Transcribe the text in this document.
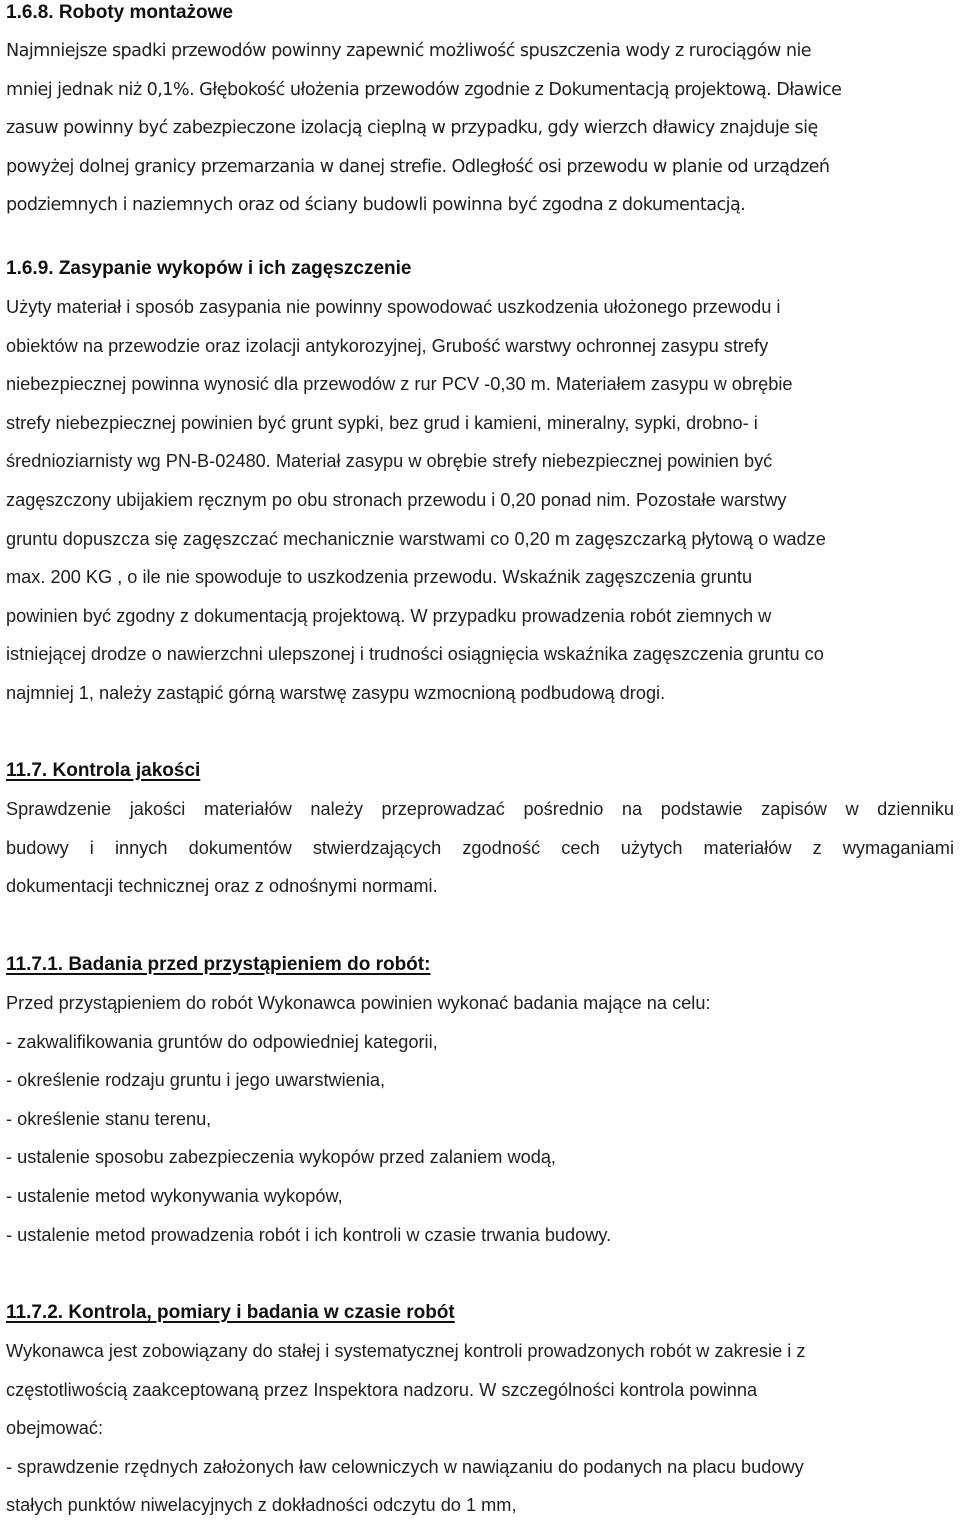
1.6.8. Roboty montażowe

Najmniejsze spadki przewodów powinny zapewnić możliwość spuszczenia wody z rurociągów nie
mniej jednak niż 0,1%. Głębokość ułożenia przewodów zgodnie z Dokumentacją projektową. Dławice
zasuw powinny być zabezpieczone izolacją cieplną w przypadku, gdy wierzch dławicy znajduje się
powyżej dolnej granicy przemarzania w danej strefie. Odległość osi przewodu w planie od urządzeń
podziemnych i naziemnych oraz od ściany budowli powinna być zgodna z dokumentacją.

1.6.9. Zasypanie wykopów i ich zagęszczenie

Użyty materiał i sposób zasypania nie powinny spowodować uszkodzenia ułożonego przewodu i
obiektów na przewodzie oraz izolacji antykorozyjnej, Grubość warstwy ochronnej zasypu strefy
niebezpiecznej powinna wynosić dla przewodów z rur PCV -0,30 m. Materiałem zasypu w obrębie
strefy niebezpiecznej powinien być grunt sypki, bez grud i kamieni, mineralny, sypki, drobno- i
średnioziarnisty wg PN-B-02480. Materiał zasypu w obrębie strefy niebezpiecznej powinien być
zagęszczony ubijakiem ręcznym po obu stronach przewodu i 0,20 ponad nim. Pozostałe warstwy
gruntu dopuszcza się zagęszczać mechanicznie warstwami co 0,20 m zagęszczarką płytową o wadze
max. 200 KG , o ile nie spowoduje to uszkodzenia przewodu. Wskaźnik zagęszczenia gruntu
powinien być zgodny z dokumentacją projektową. W przypadku prowadzenia robót ziemnych w
istniejącej drodze o nawierzchni ulepszonej i trudności osiągnięcia wskaźnika zagęszczenia gruntu co
najmniej 1, należy zastąpić górną warstwę zasypu wzmocnioną podbudową drogi.

11.7. Kontrola jakości

Sprawdzenie jakości materiałów należy przeprowadzać pośrednio na podstawie zapisów w dzienniku
budowy i innych dokumentów stwierdzających zgodność cech użytych materiałów z wymaganiami
dokumentacji technicznej oraz z odnośnymi normami.

11.7.1. Badania przed przystąpieniem do robót:

Przed przystąpieniem do robót Wykonawca powinien wykonać badania mające na celu:

- zakwalifikowania gruntów do odpowiedniej kategorii,
- określenie rodzaju gruntu i jego uwarstwienia,
- określenie stanu terenu,
- ustalenie sposobu zabezpieczenia wykopów przed zalaniem wodą,
- ustalenie metod wykonywania wykopów,
- ustalenie metod prowadzenia robót i ich kontroli w czasie trwania budowy.
11.7.2. Kontrola, pomiary i badania w czasie robót

Wykonawca jest zobowiązany do stałej i systematycznej kontroli prowadzonych robót w zakresie i z
częstotliwością zaakceptowaną przez Inspektora nadzoru. W szczególności kontrola powinna
obejmować:
- sprawdzenie rzędnych założonych ław celowniczych w nawiązaniu do podanych na placu budowy
stałych punktów niwelacyjnych z dokładności odczytu do 1 mm,
